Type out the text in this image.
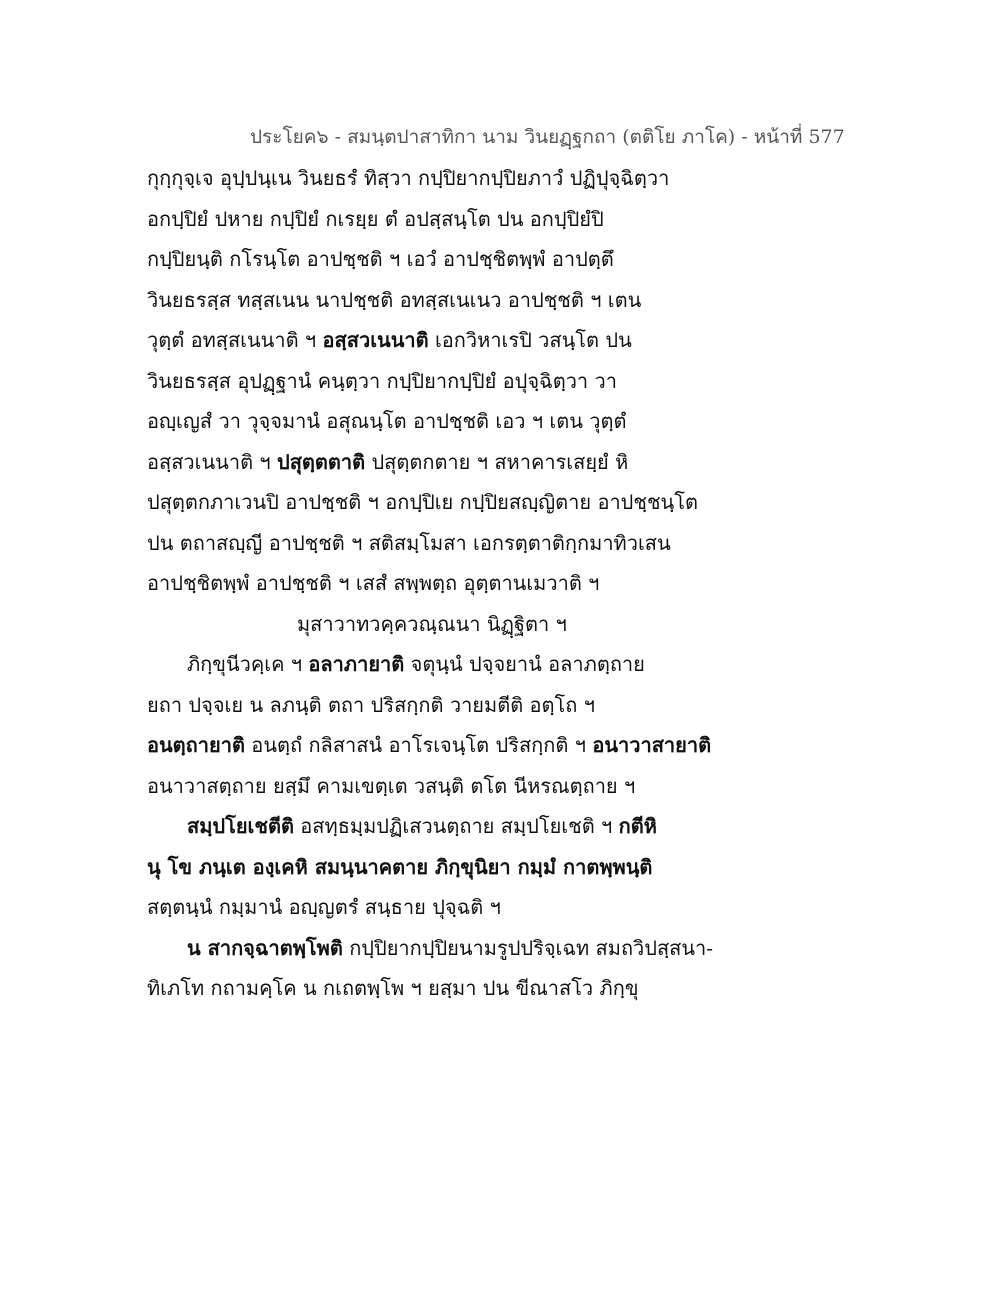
ประโยค๖ - สมนฺตปาสาทิกา นาม วินยฏฺฐกถา (ตติโย ภาโค) - หน้าที่ 577
กุกฺกุจฺเจ อุปฺปนฺเน วินยธรํ ทิสฺวา กปฺปิยากปฺปิยภาวํ ปฏิปุจฺฉิตฺวา
อกปฺปิยํ ปหาย กปฺปิยํ กเรยฺย ตํ อปสฺสนฺโต ปน อกปฺปิยํปิ
กปฺปิยนฺติ กโรนฺโต อาปชฺชติ ฯ เอวํ อาปชฺชิตพฺพํ อาปตฺตึ
วินยธรสฺส ทสฺสเนน นาปชฺชติ อทสฺสเนเนว อาปชฺชติ ฯ เตน
วุตฺตํ อทสฺสเนนาติ ฯ อสฺสวเนนาติ เอกวิหาเรปิ วสนฺโต ปน
วินยธรสฺส อุปฏฺฐานํ คนฺตฺวา กปฺปิยากปฺปิยํ อปุจฺฉิตฺวา วา
อญฺเญสํ วา วุจฺจมานํ อสุณนฺโต อาปชฺชติ เอว ฯ เตน วุตฺตํ
อสฺสวเนนาติ ฯ ปสุตฺตตาติ ปสุตฺตกตาย ฯ สหาคารเสยฺยํ หิ
ปสุตฺตกภาเวนปิ อาปชฺชติ ฯ อกปฺปิเย กปฺปิยสญฺญิตาย อาปชฺชนฺโต
ปน ตถาสญฺญี อาปชฺชติ ฯ สติสมฺโมสา เอกรตฺตาติกฺกมาทิวเสน
อาปชฺชิตพฺพํ อาปชฺชติ ฯ เสสํ สพฺพตฺถ อุตฺตานเมวาติ ฯ
มุสาวาทวคฺควณฺณนา นิฏฺฐิตา ฯ
ภิกฺขุนีวคฺเค ฯ อลาภายาติ จตุนฺนํ ปจฺจยานํ อลาภตฺถาย
ยถา ปจฺจเย น ลภนฺติ ตถา ปริสกฺกติ วายมตีติ อตฺโถ ฯ
อนตฺถายาติ อนตฺถํ กลิสาสนํ อาโรเจนฺโต ปริสกฺกติ ฯ อนาวาสายาติ
อนาวาสตฺถาย ยสฺมึ คามเขตฺเต วสนฺติ ตโต นีหรณตฺถาย ฯ
สมฺปโยเชตีติ อสทฺธมฺมปฏิเสวนตฺถาย สมฺปโยเชติ ฯ กตีหิ
นุ โข ภนฺเต องฺเคหิ สมนฺนาคตาย ภิกฺขุนิยา กมฺมํ กาตพฺพนฺติ
สตฺตนฺนํ กมฺมานํ อญฺญตรํ สนฺธาย ปุจฺฉติ ฯ
น สากจฺฉาตพฺโพติ กปฺปิยากปฺปิยนามรูปปริจฺเฉท สมถวิปสฺสนา-
ทิเภโท กถามคฺโค น กเถตพฺโพ ฯ ยสฺมา ปน ขีณาสโว ภิกฺขุ
